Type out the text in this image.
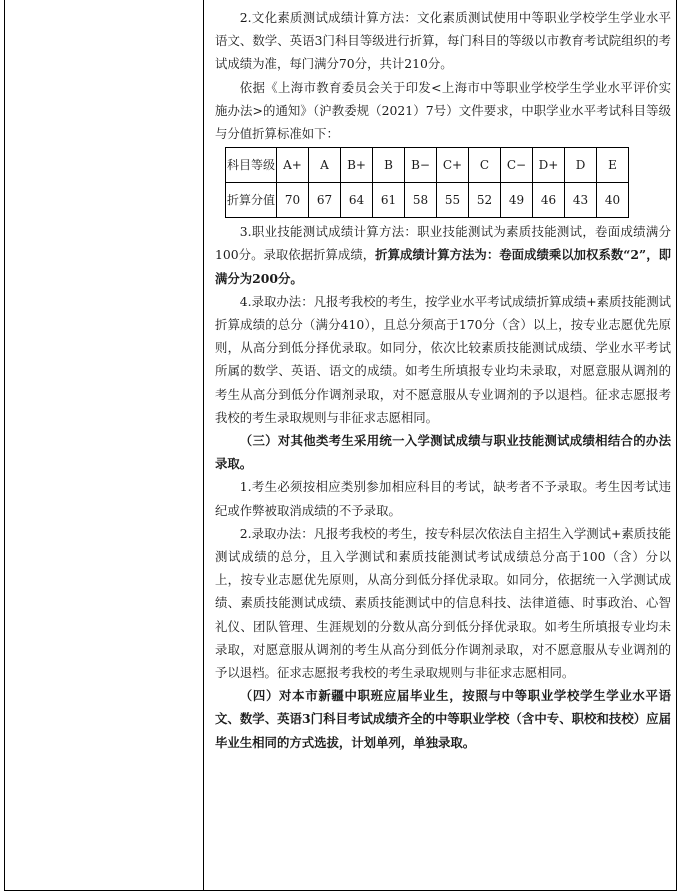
2.文化素质测试成绩计算方法：文化素质测试使用中等职业学校学生学业水平语文、数学、英语3门科目等级进行折算，每门科目的等级以市教育考试院组织的考试成绩为准，每门满分70分，共计210分。

依据《上海市教育委员会关于印发<上海市中等职业学校学生学业水平评价实施办法>的通知》（沪教委规（2021）7号）文件要求，中职学业水平考试科目等级与分值折算标准如下：

科目等级	A+	A	B+	B	B−	C+	C	C−	D+	D	E
折算分值	70	67	64	61	58	55	52	49	46	43	40

3.职业技能测试成绩计算方法：职业技能测试为素质技能测试，卷面成绩满分100分。录取依据折算成绩，折算成绩计算方法为：卷面成绩乘以加权系数“2”，即满分为200分。

4.录取办法：凡报考我校的考生，按学业水平考试成绩折算成绩+素质技能测试折算成绩的总分（满分410），且总分须高于170分（含）以上，按专业志愿优先原则，从高分到低分择优录取。如同分，依次比较素质技能测试成绩、学业水平考试所属的数学、英语、语文的成绩。如考生所填报专业均未录取，对愿意服从调剂的考生从高分到低分作调剂录取，对不愿意服从专业调剂的予以退档。征求志愿报考我校的考生录取规则与非征求志愿相同。

（三）对其他类考生采用统一入学测试成绩与职业技能测试成绩相结合的办法录取。

1.考生必须按相应类别参加相应科目的考试，缺考者不予录取。考生因考试违纪或作弊被取消成绩的不予录取。

2.录取办法：凡报考我校的考生，按专科层次依法自主招生入学测试+素质技能测试成绩的总分，且入学测试和素质技能测试考试成绩总分高于100（含）分以上，按专业志愿优先原则，从高分到低分择优录取。如同分，依据统一入学测试成绩、素质技能测试成绩、素质技能测试中的信息科技、法律道德、时事政治、心智礼仪、团队管理、生涯规划的分数从高分到低分择优录取。如考生所填报专业均未录取，对愿意服从调剂的考生从高分到低分作调剂录取，对不愿意服从专业调剂的予以退档。征求志愿报考我校的考生录取规则与非征求志愿相同。

（四）对本市新疆中职班应届毕业生，按照与中等职业学校学生学业水平语文、数学、英语3门科目考试成绩齐全的中等职业学校（含中专、职校和技校）应届毕业生相同的方式选拔，计划单列，单独录取。
